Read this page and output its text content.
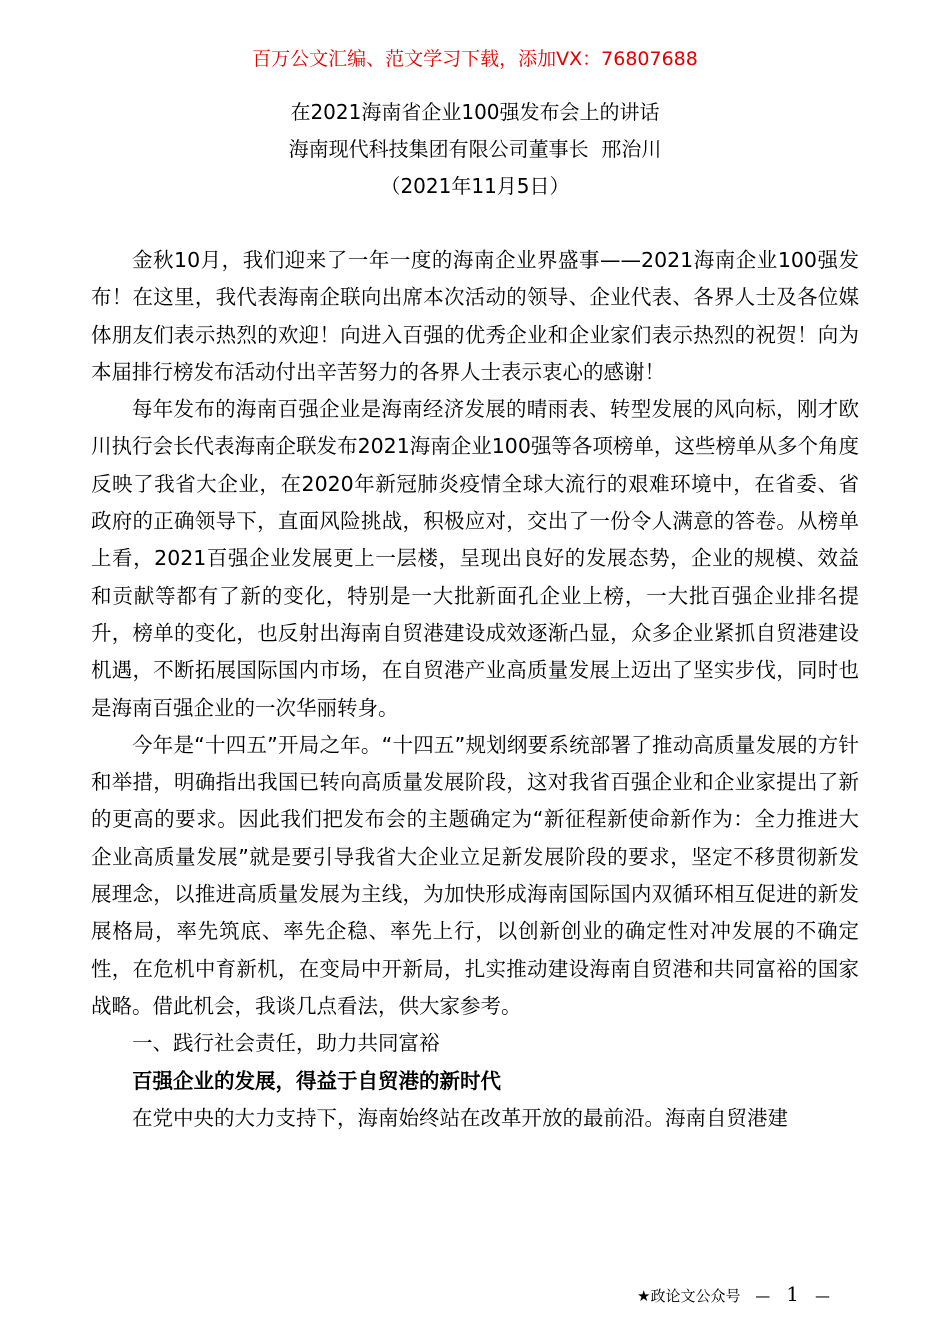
百万公文汇编、范文学习下载，添加VX：76807688
在2021海南省企业100强发布会上的讲话
海南现代科技集团有限公司董事长  邢治川
（2021年11月5日）

金秋10月，我们迎来了一年一度的海南企业界盛事——2021海南企业100强发布！在这里，我代表海南企联向出席本次活动的领导、企业代表、各界人士及各位媒体朋友们表示热烈的欢迎！向进入百强的优秀企业和企业家们表示热烈的祝贺！向为本届排行榜发布活动付出辛苦努力的各界人士表示衷心的感谢！

每年发布的海南百强企业是海南经济发展的晴雨表、转型发展的风向标，刚才欧川执行会长代表海南企联发布2021海南企业100强等各项榜单，这些榜单从多个角度反映了我省大企业，在2020年新冠肺炎疫情全球大流行的艰难环境中，在省委、省政府的正确领导下，直面风险挑战，积极应对，交出了一份令人满意的答卷。从榜单上看，2021百强企业发展更上一层楼，呈现出良好的发展态势，企业的规模、效益和贡献等都有了新的变化，特别是一大批新面孔企业上榜，一大批百强企业排名提升，榜单的变化，也反射出海南自贸港建设成效逐渐凸显，众多企业紧抓自贸港建设机遇，不断拓展国际国内市场，在自贸港产业高质量发展上迈出了坚实步伐，同时也是海南百强企业的一次华丽转身。

今年是“十四五”开局之年。“十四五”规划纲要系统部署了推动高质量发展的方针和举措，明确指出我国已转向高质量发展阶段，这对我省百强企业和企业家提出了新的更高的要求。因此我们把发布会的主题确定为“新征程新使命新作为：全力推进大企业高质量发展”就是要引导我省大企业立足新发展阶段的要求，坚定不移贯彻新发展理念，以推进高质量发展为主线，为加快形成海南国际国内双循环相互促进的新发展格局，率先筑底、率先企稳、率先上行，以创新创业的确定性对冲发展的不确定性，在危机中育新机，在变局中开新局，扎实推动建设海南自贸港和共同富裕的国家战略。借此机会，我谈几点看法，供大家参考。

一、践行社会责任，助力共同富裕

百强企业的发展，得益于自贸港的新时代

在党中央的大力支持下，海南始终站在改革开放的最前沿。海南自贸港建

★政论文公众号 — 1 —
